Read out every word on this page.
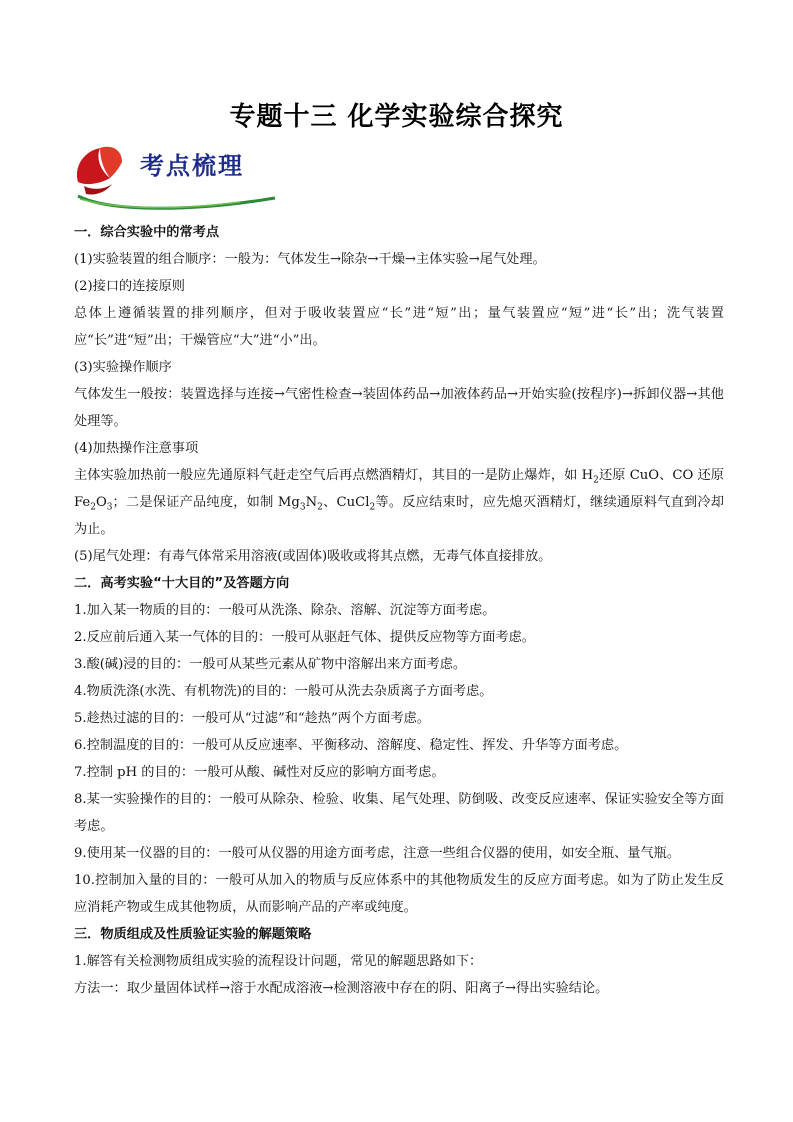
专题十三 化学实验综合探究
考点梳理

一．综合实验中的常考点

(1)实验装置的组合顺序：一般为：气体发生→除杂→干燥→主体实验→尾气处理。

(2)接口的连接原则

总体上遵循装置的排列顺序，但对于吸收装置应“长”进“短”出；量气装置应“短”进“长”出；洗气装置应“长”进“短”出；干燥管应“大”进“小”出。

(3)实验操作顺序

气体发生一般按：装置选择与连接→气密性检查→装固体药品→加液体药品→开始实验(按程序)→拆卸仪器→其他处理等。

(4)加热操作注意事项

主体实验加热前一般应先通原料气赶走空气后再点燃酒精灯，其目的一是防止爆炸，如 $H_2$还原 CuO、CO 还原 $Fe_2O_3$；二是保证产品纯度，如制 $Mg_3N_2$、CuCl$_2$等。反应结束时，应先熄灭酒精灯，继续通原料气直到冷却为止。

(5)尾气处理：有毒气体常采用溶液(或固体)吸收或将其点燃，无毒气体直接排放。

二．高考实验“十大目的”及答题方向

1.加入某一物质的目的：一般可从洗涤、除杂、溶解、沉淀等方面考虑。

2.反应前后通入某一气体的目的：一般可从驱赶气体、提供反应物等方面考虑。

3.酸(碱)浸的目的：一般可从某些元素从矿物中溶解出来方面考虑。

4.物质洗涤(水洗、有机物洗)的目的：一般可从洗去杂质离子方面考虑。

5.趁热过滤的目的：一般可从“过滤”和“趁热”两个方面考虑。

6.控制温度的目的：一般可从反应速率、平衡移动、溶解度、稳定性、挥发、升华等方面考虑。

7.控制 pH 的目的：一般可从酸、碱性对反应的影响方面考虑。

8.某一实验操作的目的：一般可从除杂、检验、收集、尾气处理、防倒吸、改变反应速率、保证实验安全等方面考虑。

9.使用某一仪器的目的：一般可从仪器的用途方面考虑，注意一些组合仪器的使用，如安全瓶、量气瓶。

10.控制加入量的目的：一般可从加入的物质与反应体系中的其他物质发生的反应方面考虑。如为了防止发生反应消耗产物或生成其他物质，从而影响产品的产率或纯度。

三．物质组成及性质验证实验的解题策略

1.解答有关检测物质组成实验的流程设计问题，常见的解题思路如下：

方法一：取少量固体试样→溶于水配成溶液→检测溶液中存在的阴、阳离子→得出实验结论。
